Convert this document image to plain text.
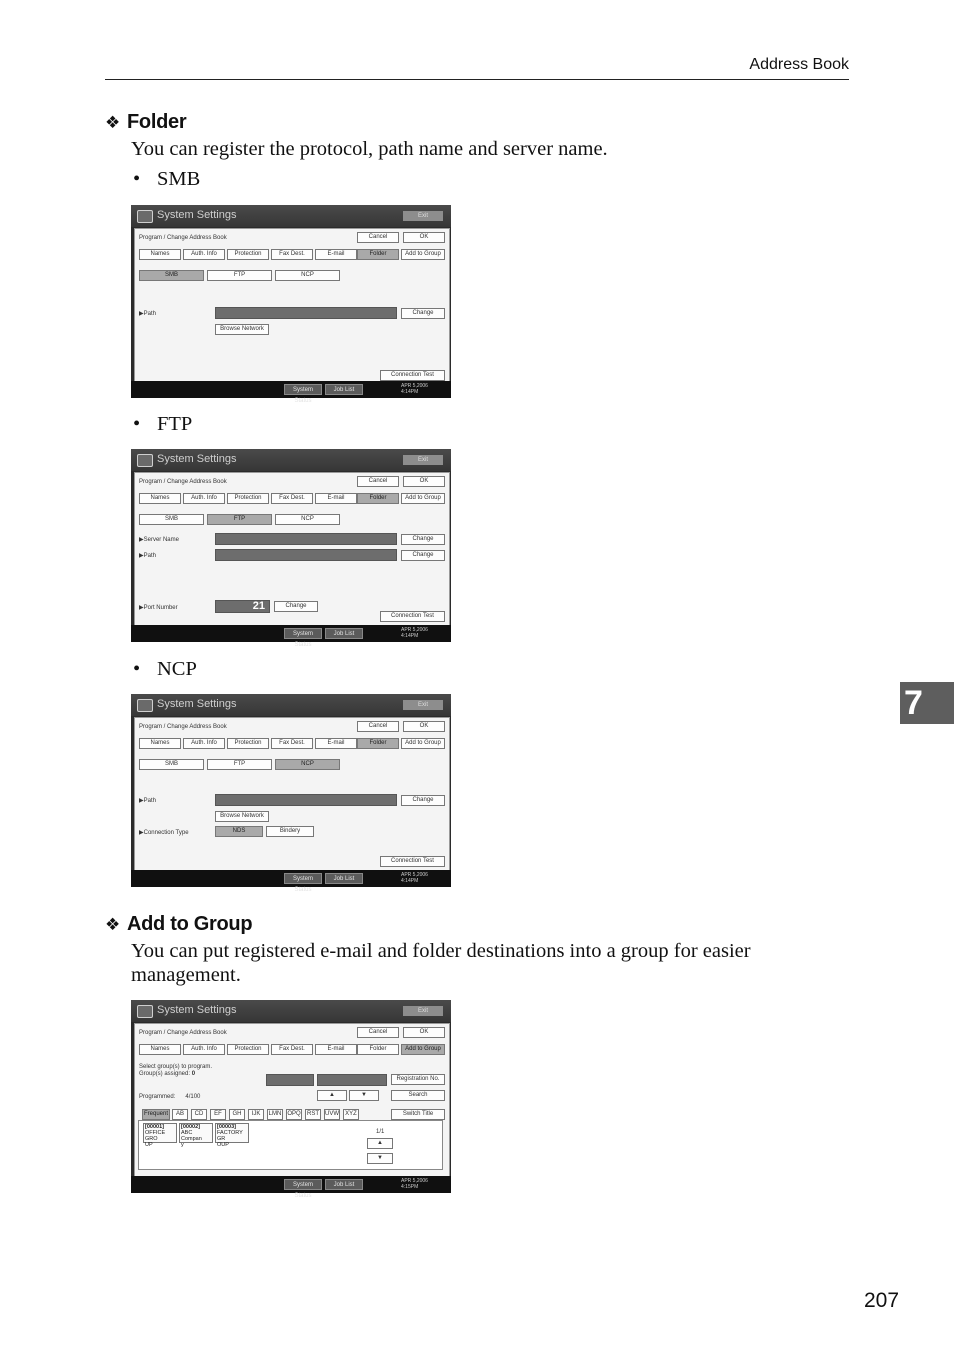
Address Book
❖ Folder
You can register the protocol, path name and server name.
• SMB
System Settings	Exit
Program / Change Address Book	Cancel	OK
Names	Auth. Info	Protection	Fax Dest.	E-mail	Folder	Add to Group
SMB	FTP	NCP
▶Path	Change
Browse Network
Connection Test
System Status
Job List
APR 5,2006
4:14PM
• FTP
System Settings	Exit
Program / Change Address Book	Cancel	OK
Names	Auth. Info	Protection	Fax Dest.	E-mail	Folder	Add to Group
SMB	FTP	NCP
▶Server Name	Change
▶Path	Change
▶Port Number	21	Change
Connection Test
System Status
Job List
APR 5,2006
4:14PM
• NCP
System Settings	Exit
Program / Change Address Book	Cancel	OK
Names	Auth. Info	Protection	Fax Dest.	E-mail	Folder	Add to Group
SMB	FTP	NCP
▶Path	Change
Browse Network
▶Connection Type	NDS	Bindery
Connection Test
System Status
Job List
APR 5,2006
4:14PM
❖ Add to Group
You can put registered e-mail and folder destinations into a group for easier management.
System Settings	Exit
Program / Change Address Book	Cancel	OK
Names	Auth. Info	Protection	Fax Dest.	E-mail	Folder	Add to Group
Select group(s) to program.
Group(s) assigned: 0
Registration No.
Programmed: 4/100	▲	▼	Search
Frequent	AB	CD	EF	GH	IJK	LMN OPQ	RST	UVW	XYZ	Switch Title
[00001]
OFFICE GRO
UP
[00002]
ABC Compan
y
[00003]
FACTORY GR
OUP
1/1
▲
▼
System Status
Job List
APR 5,2006
4:15PM
7
207
